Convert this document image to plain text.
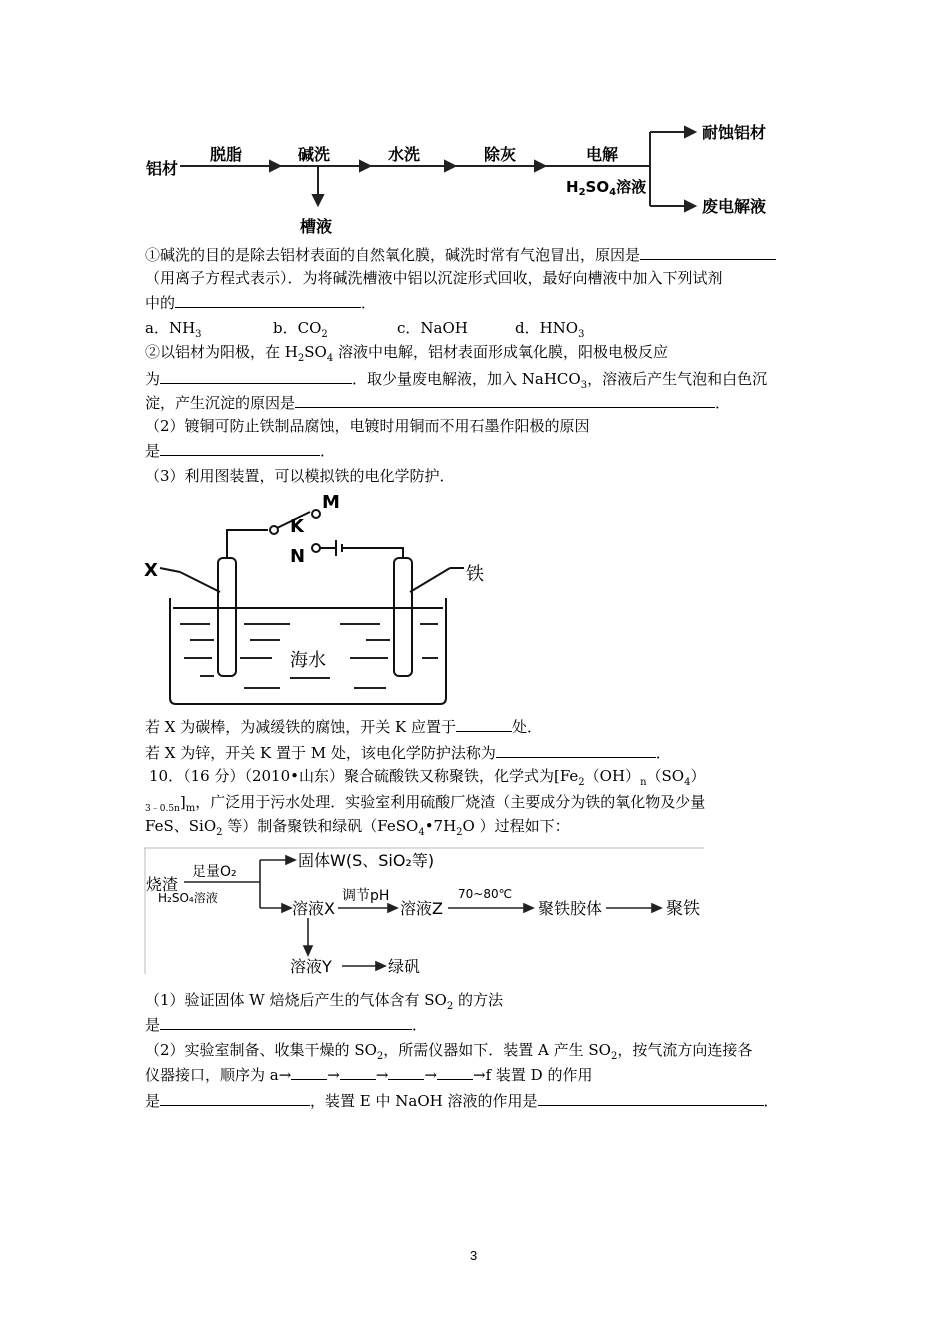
铝材
脱脂	碱洗	水洗	除灰	电解
槽液
$H_2SO_4$溶液
耐蚀铝材
废电解液
①碱洗的目的是除去铝材表面的自然氧化膜，碱洗时常有气泡冒出，原因是
（用离子方程式表示）．为将碱洗槽液中铝以沉淀形式回收，最好向槽液中加入下列试剂
中的	．
a．$NH_3$	b．$CO_2$	c．NaOH	d．$HNO_3$
②以铝材为阳极，在 $H_2SO_4$ 溶液中电解，铝材表面形成氧化膜，阳极电极反应
为	．取少量废电解液，加入 NaHCO$_3$，溶液后产生气泡和白色沉
淀，产生沉淀的原因是	．
（2）镀铜可防止铁制品腐蚀，电镀时用铜而不用石墨作阳极的原因
是	．
（3）利用图装置，可以模拟铁的电化学防护．
M
K
N
X	铁
海水
若 X 为碳棒，为减缓铁的腐蚀，开关 K 应置于	处．
若 X 为锌，开关 K 置于 M 处，该电化学防护法称为	．
10．（16 分）（2010•山东）聚合硫酸铁又称聚铁，化学式为[$Fe_2(OH)_n(SO_4)$
$_{3﹣0.5n}]_m$，广泛用于污水处理．实验室利用硫酸厂烧渣（主要成分为铁的氧化物及少量
FeS、SiO$_2$ 等）制备聚铁和绿矾（$FeSO_4•7H_2O$ ）过程如下：
烧渣
足量O₂
H₂SO₄溶液
固体W(S、SiO₂等)
溶液X
调节pH
溶液Z
70~80℃
聚铁胶体	聚铁
溶液Y	绿矾
（1）验证固体 W 焙烧后产生的气体含有 $SO_2$ 的方法
是	．
（2）实验室制备、收集干燥的 $SO_2$，所需仪器如下．装置 A 产生 $SO_2$，按气流方向连接各
仪器接口，顺序为 a→ → → → →f 装置 D 的作用
是	，装置 E 中 NaOH 溶液的作用是	．
3
